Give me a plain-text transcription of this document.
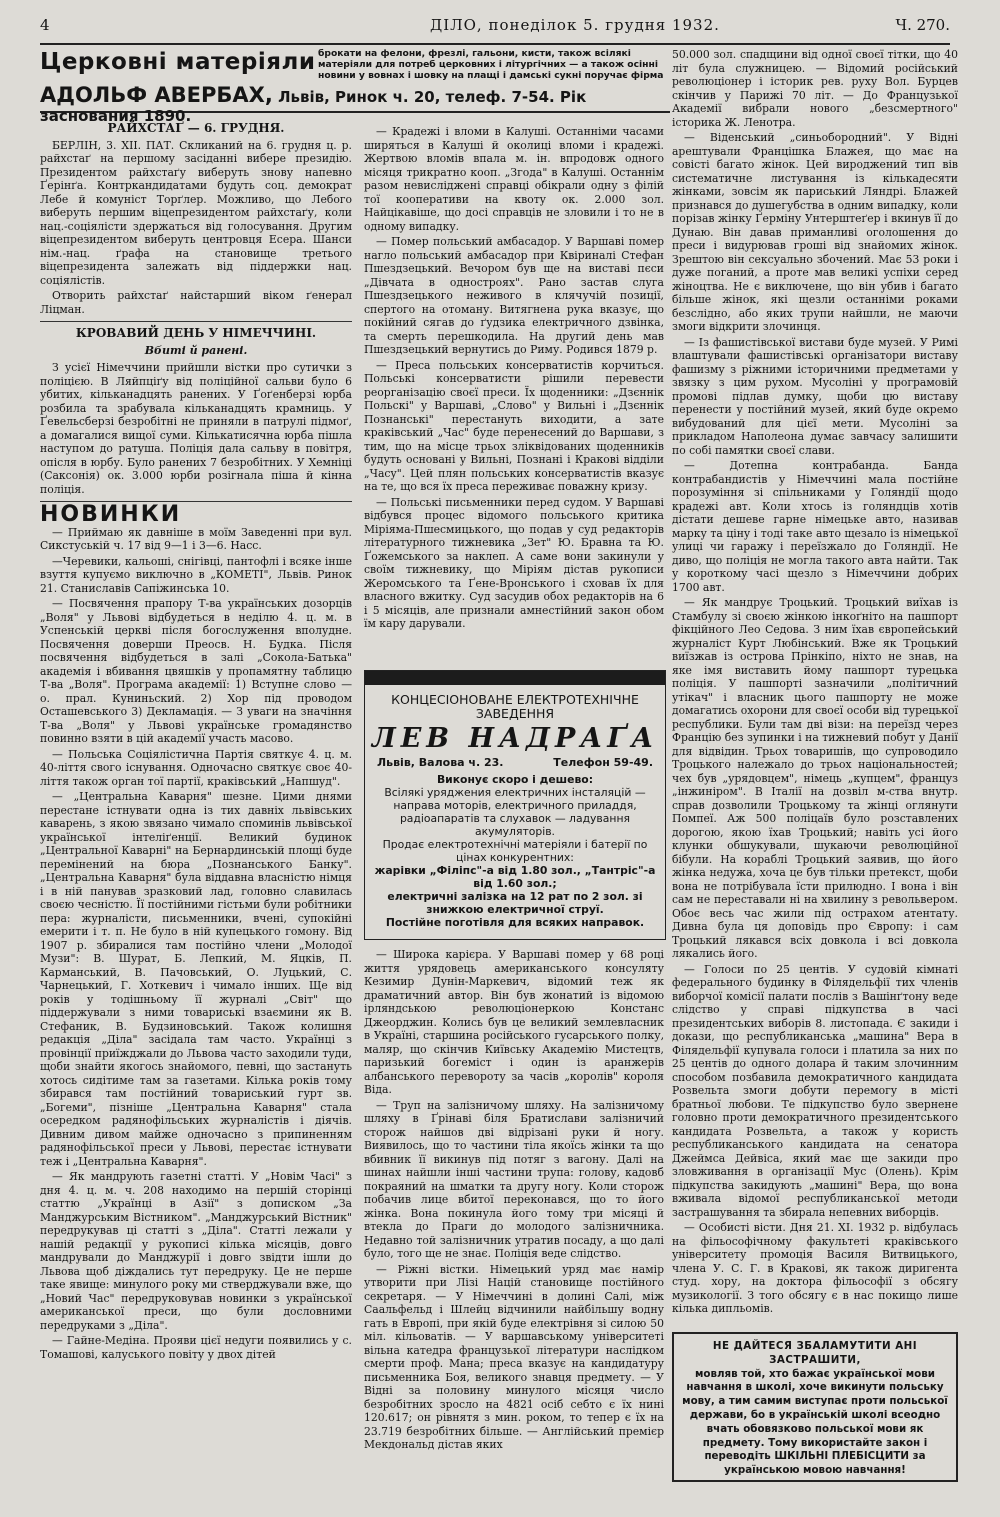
4	ДІЛО, понеділок 5. грудня 1932.	Ч. 270.
Церковні матеріяли брокати на фелони, фрезлі, гальони, кисти, також всілякі матеріяли для потреб церковних і літургічних — а також осінні новини у вовнах і шовку на плащі і дамські сукні поручає фірма
АДОЛЬФ АВЕРБАХ, Львів, Ринок ч. 20, телеф. 7-54. Рік заснования 1890.
РАЙХСТАҐ — 6. ГРУДНЯ.

БЕРЛІН, 3. XII. ПАТ. Скликаний на 6. грудня ц. р. райхстаґ на першому засіданні вибере президію. Президентом райхстаґу виберуть знову напевно Ґерінґа. Контркандидатами будуть соц. демократ Лебе й комуніст Торґлер. Можливо, що Лебого виберуть першим віцепрезидентом райхстаґу, коли нац.-соціялісти здержаться від голосування. Другим віцепрезидентом виберуть центровця Есера. Шанси нім.-нац. ґрафа на становище третього віцепрезидента залежать від піддержки нац. соціялістів.

Отворить райхстаґ найстарший віком ґенерал Ліцман.

КРОВАВИЙ ДЕНЬ У НІМЕЧЧИНІ.
Вбиті й ранені.

З усієї Німеччини прийшли вістки про сутички з поліцією. В Ляйпціґу від поліційної сальви було 6 убитих, кільканадцять ранених. У Ґоґенберзі юрба розбила та зрабувала кільканадцять крамниць. У Ґевельсберзі безробітні не приняли в патрулі підмоґ, а домагалися вищої суми. Кількатисячна юрба пішла наступом до ратуша. Поліція дала сальву в повітря, опісля в юрбу. Було ранених 7 безробітних. У Хемніці (Саксонія) ок. 3.000 юрби розігнала піша й кінна поліція.

НОВИНКИ

— Приймаю як давніше в моїм Заведенні при вул. Сикстуській ч. 17 від 9—1 і 3—6. Насс.

—Черевики, кальоші, снігівці, пантофлі і всяке інше взуття купуємо виключно в „КОМЕТІ", Львів. Ринок 21. Станиславів Сапіжинська 10.

— Посвячення прапору Т-ва українських дозорців „Воля" у Львові відбудеться в неділю 4. ц. м. в Успенській церкві після богослуження вполудне. Посвячення доверши Преосв. Н. Будка. Після посвячення відбудеться в залі „Сокола-Батька" академія і вбивання цвяшків у пропамятну таблицю Т-ва „Воля". Програма академії: 1) Вступне слово — о. прал. Куниньский. 2) Хор під проводом Осташевського 3) Декламація. — З уваги на значіння Т-ва „Воля" у Львові українське громадянство повинно взяти в цій академії участь масово.

— Польська Соціялістична Партія святкує 4. ц. м. 40-ліття свого існування. Одночасно святкує своє 40-ліття також орган тої партії, краківський „Напшуд".

— „Центральна Каварня" шезне. Цими днями перестане істнувати одна із тих давніх львівських каварень, з якою звязано чимало споминів львівської української інтеліґенції. Великий будинок „Центральної Каварні" на Бернардинській площі буде перемінений на бюра „Познанського Банку". „Центральна Каварня" була віддавна власністю німця і в ній панував зразковий лад, головно славилась своєю чесністю. Її постійними гістьми були робітники пера: журналісти, письменники, вчені, супокійні емерити і т. п. Не було в ній купецького гомону. Від 1907 р. збиралися там постійно члени „Молодої Музи": В. Шурат, Б. Лепкий, М. Яцків, П. Карманський, В. Пачовський, О. Луцький, С. Чарнецький, Г. Хоткевич і чимало інших. Ще від років у тодішньому її журналі „Світ" що піддержували з ними товариські взаємини як В. Стефаник, В. Будзиновський. Також колишня редакція „Діла" засідала там часто. Українці з провінції приїжджали до Львова часто заходили туди, щоби знайти якогось знайомого, певні, що застануть хотось сидітиме там за газетами. Кілька років тому збирався там постійний товариський гурт зв. „Богеми", пізніше „Центральна Каварня" стала осередком радянофільських журналістів і діячів. Дивним дивом майже одночасно з припиненням радянофільської преси у Львові, перестає істнувати теж і „Центральна Каварня".

— Як мандрують газетні статті. У „Новім Часі" з дня 4. ц. м. ч. 208 находимо на першій сторінці статтю „Українці в Азії" з дописком „За Манджурським Вістником". „Манджурський Вістник" передрукував ці статті з „Діла". Статті лежали у нашій редакції у рукописі кілька місяців, довго мандрували до Манджурії і довго звідти ішли до Львова щоб діждались тут передруку. Це не перше таке явище: минулого року ми стверджували вже, що „Новий Час" передруковував новинки з української американської преси, що були дословними передруками з „Діла".

— Гайне-Медіна. Прояви цієї недуги появились у с. Томашові, калуського повіту у двох дітей

— Крадежі і вломи в Калуші. Останніми часами ширяться в Калуші й околиці вломи і крадежі. Жертвою вломів впала м. ін. впродовж одного місяця трикратно кооп. „Згода" в Калуші. Останнім разом невиcліджені справці обікрали одну з філій тої кооперативи на квоту ок. 2.000 зол. Найцікавіше, що досі справців не зловили і то не в одному випадку.

— Помер польський амбасадор. У Варшаві помер нагло польський амбасадор при Квіриналі Стефан Пшездзецький. Вечором був ще на виставі пєси „Дівчата в одностроях". Рано застав слуга Пшездзецького неживого в клячучій позиції, спертого на отоману. Витягнена рука вказує, що покійний сягав до ґудзика електричного дзвінка, та смерть перешкодила. На другий день мав Пшездзецький вернутись до Риму. Родився 1879 р.

— Преса польських консерватистів корчиться. Польські консерватисти рішили перевести реорганізацію своєї преси. Їх щоденники: „Дзєннік Польскі" у Варшаві, „Слово" у Вильні і „Дзєннік Познанські" перестануть виходити, а затe краківський „Час" буде перенесений до Варшави, з тим, що на місце трьох зліквідованих щоденників будуть основані у Вильні, Познані і Кракові відділи „Часу". Цей плян польських консерватистів вказує на те, що вся їх преса переживає поважну кризу.

— Польські письменники перед судом. У Варшаві відбувся процес відомого польського критика Міріяма-Пшесмицького, що подав у суд редакторів літературного тижневика „Зет" Ю. Бравна та Ю. Ґожемського за наклеп. А саме вони закинули у своїм тижневику, що Міріям дістав рукописи Жеромського та Ґене-Вронського і сховав їх для власного вжитку. Суд засудив обох редакторів на 6 і 5 місяців, але признали амнестійний закон обом їм кару дарували.

КОНЦЕСІОНОВАНЕ ЕЛЕКТРОТЕХНІЧНЕ ЗАВЕДЕННЯ
ЛЕВ НАДРАҐА
Львів, Валова ч. 23.	Телефон 59-49.
Виконує скоро і дешево:
Всілякі уряджения електричних інсталяцій — направа моторів, електричного приладдя, радіоапаратів та слухавок — ладування акумуляторів.
Продає електротехнічні матеріяли і батерії по цінах конкурентних:
жарівки „Філіпс"-а від 1.80 зол., „Тантріс"-а від 1.60 зол.;
електричні залізка на 12 рат по 2 зол. зі знижкою електричної струї.
Постійне поготівля для всяких направок.

— Широка карієра. У Варшаві помер у 68 році життя урядовець американського консуляту Кезимир Дунін-Маркевич, відомий теж як драматичний автор. Він був жонатий із відомою ірляндською революціонеркою Констанс Джеорджин. Колись був це великий землевласник в Україні, старшина російського гусарського полку, маляр, що скінчив Київську Академію Мистецтв, паризький богеміст і один із аранжерів албанського перевороту за часів „королів" короля Віда.

— Труп на залізничому шляху. На залізничому шляху в Ґрінаві біля Братислави залізничий сторож найшов дві відрізані руки й ногу. Виявилось, що то частини тіла якоїсь жінки та що вбивник її викинув під потяг з вагону. Далі на шинах найшли інші частини трупа: голову, кадовб покраяний на шматки та другу ногу. Коли сторож побачив лице вбитої переконався, що то його жінка. Вона покинула його тому три місяці й втекла до Праги до молодого залізничника. Недавно той залізничник утратив посаду, а що далі було, того ще не знає. Поліція веде слідство.

— Ріжні вістки. Німецький уряд має намір утворити при Лізі Націй становище постійного секретаря. — У Німеччині в долині Салі, між Саальфельд і Шлейц відчинили найбільшу водну гать в Европі, при якій буде електрівня зі силою 50 міл. кільоватів. — У варшавському університеті вільна катедра французької літератури наслідком смерти проф. Мана; преса вказує на кандидатуру письменника Боя, великого знавця предмету. — У Відні за половину минулого місяця число безробітних зросло на 4821 осіб себто є їх нині 120.617; он рівнятя з мин. роком, то тепер є їх на 23.719 безробітних більше. — Англійський премієр Мекдональд дістав яких

50.000 зол. спадщини від одної своєї тітки, що 40 літ була служницею. — Відомий російський революціонер і історик рев. руху Вол. Бурцев скінчив у Парижі 70 літ. — До Французької Академії вибрали нового „безсмертного" історика Ж. Ленотра.

— Віденський „синьобородний". У Відні арештували Францішка Блажея, що має на совісті багато жінок. Цей вироджений тип вів систематичне листування із кількадесяти жінками, зовсім як париський Ляндрі. Блажей признався до душегубства в одним випадку, коли порізав жінку Ґерміну Унтерштеґер і вкинув її до Дунаю. Він давав приманливі оголошення до преси і видурював гроші від знайомих жінок. Зрештою він сексуально збочений. Має 53 роки і дуже поганий, а проте мав великі успіхи серед жіноцтва. Не є виключене, що він убив і багато більше жінок, які щезли останніми роками безслідно, або яких трупи найшли, не маючи змоги відкрити злочинця.

— Із фашистівської вистави буде музей. У Римі влаштували фашистівські організатори виставу фашизму з ріжними історичними предметами у звязку з цим рухом. Мусоліні у програмовій промові підлав думку, щоби цю виставу перенести у постійний музей, який буде окремо вибудований для цієї мети. Мусоліні за прикладом Наполеона думає завчасу залишити по собі памятки своєї слави.

— Дотепна контрабанда. Банда контрабандистів у Німеччині мала постійне порозуміння зі спільниками у Голяндії щодо крадежі авт. Коли хтось із голяндців хотів дістати дешеве гарне німецьке авто, називав марку та ціну і тоді таке авто щезало із німецької улиці чи гаражу і переїзжало до Голяндії. Не диво, що поліція не могла такого авта найти. Так у короткому часі щезло з Німеччини добрих 1700 авт.

— Як мандрує Троцький. Троцький виїхав із Стамбулу зі своєю жінкою інкоґніто на пашпорт фікційного Лео Седова. З ним їхав європейський журналіст Курт Любінський. Вже як Троцький виїзжав із острова Прінкіпо, ніхто не знав, на яке імя виставить йому пашпорт турецька поліція. У пашпорті зазначили „політичний утікач" і власник цього пашпорту не може домагатись охорони для своєї особи від турецької республики. Були там дві візи: на переїзд через Францію без зупинки і на тижневий побут у Данії для відвідин. Трьох товаришів, що супроводило Троцького належало до трьох національностей; чех був „урядовцем", німець „купцем", француз „інжиніром". В Італії на дозвіл м-ства внутр. справ дозволили Троцькому та жінці оглянути Помпеї. Аж 500 поліцаїв було розставлених дорогою, якою їхав Троцький; навіть усі його клунки обшукували, шукаючи революційної бібули. На кораблі Троцький заявив, що його жінка недужа, хоча це був тільки претекст, щоби вона не потрібувала їсти прилюдно. І вона і він сам не переставали ні на хвилину з револьвером. Обоє весь час жили під острахом атентату. Дивна була ця доповідь про Європу: і сам Троцький лякався всіх довкола і всі довкола лякались його.

— Голоси по 25 центів. У судовій кімнаті федерального будинку в Філядельфії тих членів виборчої комісії палати послів з Вашінґтону веде слідство у справі підкупства в часі президентських виборів 8. листопада. Є закиди і докази, що республиканська „машина" Вера в Філядельфії купувала голоси і платила за них по 25 центів до одного долара й таким злочинним способом позбавила демократичного кандидата Розвельта змоги добути перемогу в місті братньої любови. Те підкупство було звернене головно проти демократичного президентського кандидата Розвельта, а також у користь республиканського кандидата на сенатора Джеймса Дейвіса, який має ще закиди про зловживання в організації Мус (Олень). Крім підкупства закидують „машині" Вера, що вона вживала відомої республиканської методи застрашування та збирала непевних виборців.

— Особисті вісти. Дня 21. XI. 1932 р. відбулась на фільософічному факультеті краківського університету промоція Василя Витвицького, члена У. С. Г. в Кракові, як також диригента студ. хору, на доктора фільософії з обсягу музикології. З того обсягу є в нас покищо лише кілька дипльомів.

НЕ ДАЙТЕСЯ ЗБАЛАМУТИТИ АНІ ЗАСТРАШИТИ,
мовляв той, хто бажає української мови навчання в школі, хоче викинути польську мову, а тим самим виступає проти польської держави, бо в українській школі всеодно вчать обовязково польської мови як предмету. Тому використайте закон і переводіть ШКІЛЬНІ ПЛЕБІСЦИТИ за українською мовою навчання!
